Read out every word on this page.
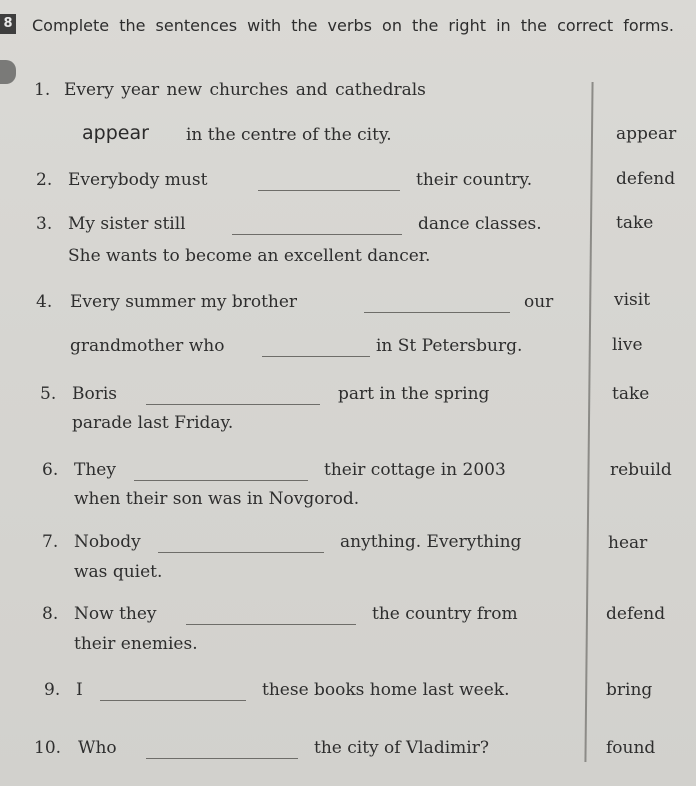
8 Complete the sentences with the verbs on the right in the correct forms.
1. Every year new churches and cathedrals
appear in the centre of the city.	appear
2. Everybody must	their country.	defend
3. My sister still	dance classes.
She wants to become an excellent dancer.
take
4. Every summer my brother	our	visit
grandmother who	in St Petersburg.	live
5. Boris	part in the spring
parade last Friday.
take
6. They	their cottage in 2003
when their son was in Novgorod.
rebuild
7. Nobody	anything. Everything
was quiet.
hear
8. Now they	the country from
their enemies.
defend
9. I	these books home last week.	bring
10. Who	the city of Vladimir?	found
